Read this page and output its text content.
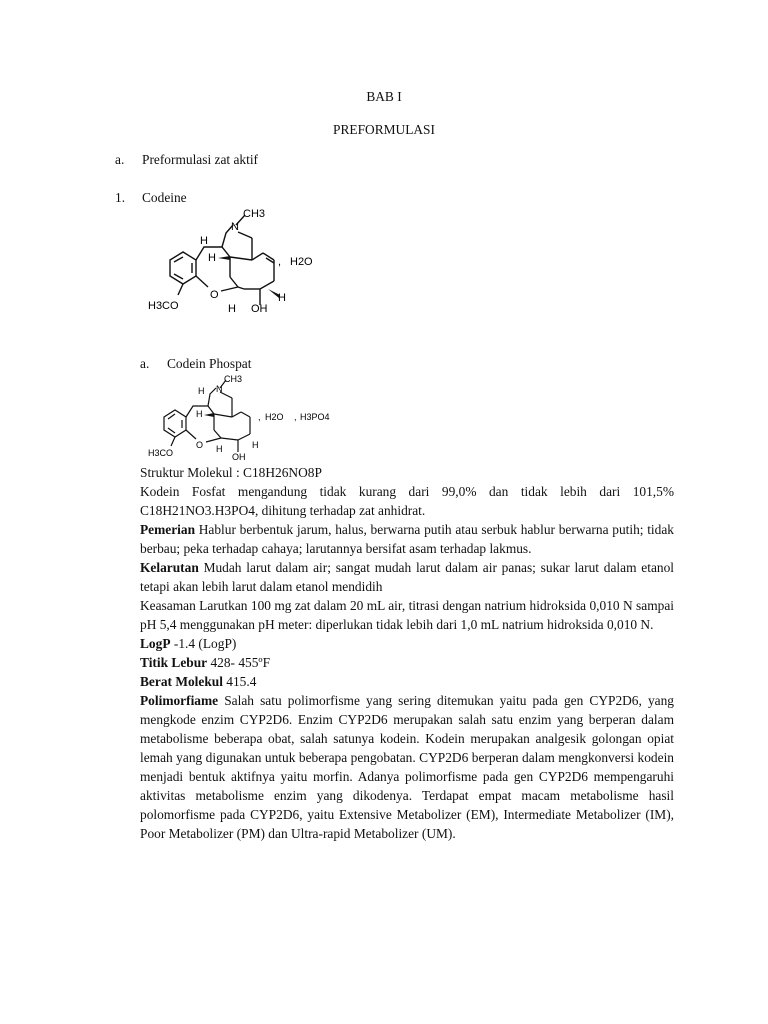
BAB I
PREFORMULASI
a. Preformulasi zat aktif
1. Codeine
N
CH3
H
H
O
H OH
H
H3CO
, H2O
a. Codein Phospat
H N
CH3
H
O H
OH
H
H3CO
, H2O , H3PO4

Struktur Molekul : C18H26NO8P

Kodein Fosfat mengandung tidak kurang dari 99,0% dan tidak lebih dari 101,5% C18H21NO3.H3PO4, dihitung terhadap zat anhidrat.

Pemerian Hablur berbentuk jarum, halus, berwarna putih atau serbuk hablur berwarna putih; tidak berbau; peka terhadap cahaya; larutannya bersifat asam terhadap lakmus.

Kelarutan Mudah larut dalam air; sangat mudah larut dalam air panas; sukar larut dalam etanol tetapi akan lebih larut dalam etanol mendidih

Keasaman Larutkan 100 mg zat dalam 20 mL air, titrasi dengan natrium hidroksida 0,010 N sampai pH 5,4 menggunakan pH meter: diperlukan tidak lebih dari 1,0 mL natrium hidroksida 0,010 N.

LogP -1.4 (LogP)

Titik Lebur 428- 455ºF

Berat Molekul 415.4

Polimorfiame Salah satu polimorfisme yang sering ditemukan yaitu pada gen CYP2D6, yang mengkode enzim CYP2D6. Enzim CYP2D6 merupakan salah satu enzim yang berperan dalam metabolisme beberapa obat, salah satunya kodein. Kodein merupakan analgesik golongan opiat lemah yang digunakan untuk beberapa pengobatan. CYP2D6 berperan dalam mengkonversi kodein menjadi bentuk aktifnya yaitu morfin. Adanya polimorfisme pada gen CYP2D6 mempengaruhi aktivitas metabolisme enzim yang dikodenya. Terdapat empat macam metabolisme hasil polomorfisme pada CYP2D6, yaitu Extensive Metabolizer (EM), Intermediate Metabolizer (IM), Poor Metabolizer (PM) dan Ultra-rapid Metabolizer (UM).
